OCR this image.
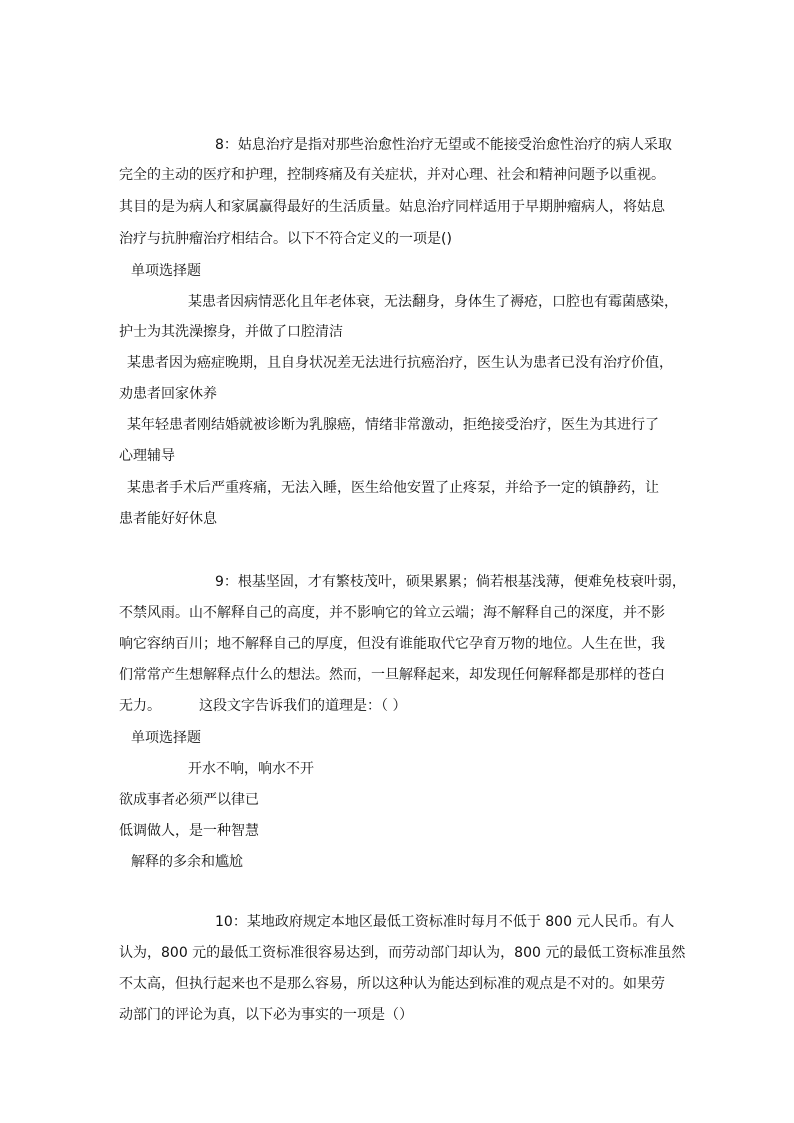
8：姑息治疗是指对那些治愈性治疗无望或不能接受治愈性治疗的病人采取
完全的主动的医疗和护理，控制疼痛及有关症状，并对心理、社会和精神问题予以重视。
其目的是为病人和家属赢得最好的生活质量。姑息治疗同样适用于早期肿瘤病人，将姑息
治疗与抗肿瘤治疗相结合。以下不符合定义的一项是()
单项选择题
某患者因病情恶化且年老体衰，无法翻身，身体生了褥疮，口腔也有霉菌感染，
护士为其洗澡擦身，并做了口腔清洁
某患者因为癌症晚期，且自身状况差无法进行抗癌治疗，医生认为患者已没有治疗价值，
劝患者回家休养
某年轻患者刚结婚就被诊断为乳腺癌，情绪非常激动，拒绝接受治疗，医生为其进行了
心理辅导
某患者手术后严重疼痛，无法入睡，医生给他安置了止疼泵，并给予一定的镇静药，让
患者能好好休息
9：根基坚固，才有繁枝茂叶，硕果累累；倘若根基浅薄，便难免枝衰叶弱，
不禁风雨。山不解释自己的高度，并不影响它的耸立云端；海不解释自己的深度，并不影
响它容纳百川；地不解释自己的厚度，但没有谁能取代它孕育万物的地位。人生在世，我
们常常产生想解释点什么的想法。然而，一旦解释起来，却发现任何解释都是那样的苍白
无力。	这段文字告诉我们的道理是：（ ）
单项选择题
开水不响，响水不开
欲成事者必须严以律已
低调做人，是一种智慧
解释的多余和尴尬
10：某地政府规定本地区最低工资标准时每月不低于 800 元人民币。有人
认为，800 元的最低工资标准很容易达到，而劳动部门却认为，800 元的最低工资标准虽然
不太高，但执行起来也不是那么容易，所以这种认为能达到标准的观点是不对的。如果劳
动部门的评论为真，以下必为事实的一项是（）
